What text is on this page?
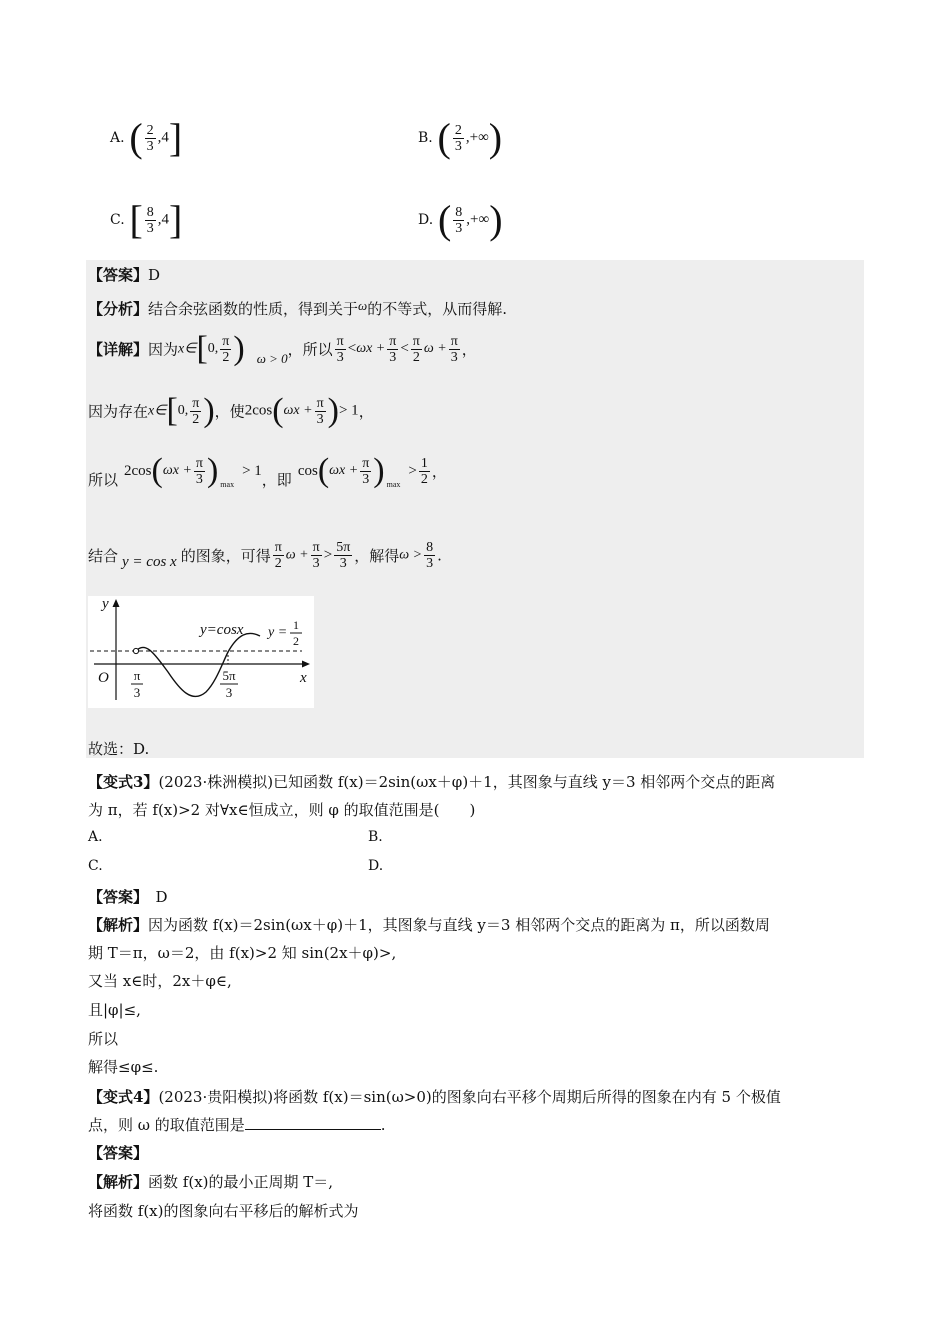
A. ( $\frac{2}{3} ,4$]	B. ( $\frac{2}{3}$ ,+∞)
C. [ $\frac{8}{3} ,4$]	D. ( $\frac{8}{3}$ ,+∞)
【答案】D
【分析】结合余弦函数的性质，得到关于ω的不等式，从而得解.
【详解】因为x∈[0, $\frac{\pi}{2}$ ) ω > 0，所以 $\frac{\pi}{3} <\omega x + \frac{\pi}{3} < \frac{\pi}{2}$ $\omega + \frac{\pi}{3}$ ，
因为存在x∈[0, $\frac{\pi}{2}$ )，使$2\cos(\omega x + \frac{\pi}{3}$ )> 1，
所以$2\cos(\omega x + \frac{\pi}{3}$ ) $_{max}$> 1，即$\cos(\omega x + \frac{\pi}{3}$ ) $_{max}> \frac{1}{2}$ ，
结合 y = cos x 的图象，可得 $\frac{\pi}{2}$ $\omega + \frac{\pi}{3} > \frac{5\pi}{3}$ ，解得$\omega > \frac{8}{3}$ .
y
x
O
y=cosx y = 1
2
π
3
5π
3
故选：D.
【变式3】(2023·株洲模拟)已知函数 f(x)＝2sin(ωx＋φ)＋1，其图象与直线 y＝3 相邻两个交点的距离
为 π，若 f(x)>2 对∀x∈恒成立，则 φ 的取值范围是(　　)
A.	B.
C.	D.
【答案】　D
【解析】因为函数 f(x)＝2sin(ωx＋φ)＋1，其图象与直线 y＝3 相邻两个交点的距离为 π，所以函数周
期 T＝π，ω＝2，由 f(x)>2 知 sin(2x＋φ)>,
又当 x∈时，2x＋φ∈,
且|φ|≤,
所以
解得≤φ≤.
【变式4】(2023·贵阳模拟)将函数 f(x)＝sin(ω>0)的图象向右平移个周期后所得的图象在内有 5 个极值
点，则 ω 的取值范围是	.
【答案】
【解析】函数 f(x)的最小正周期 T＝,
将函数 f(x)的图象向右平移后的解析式为
